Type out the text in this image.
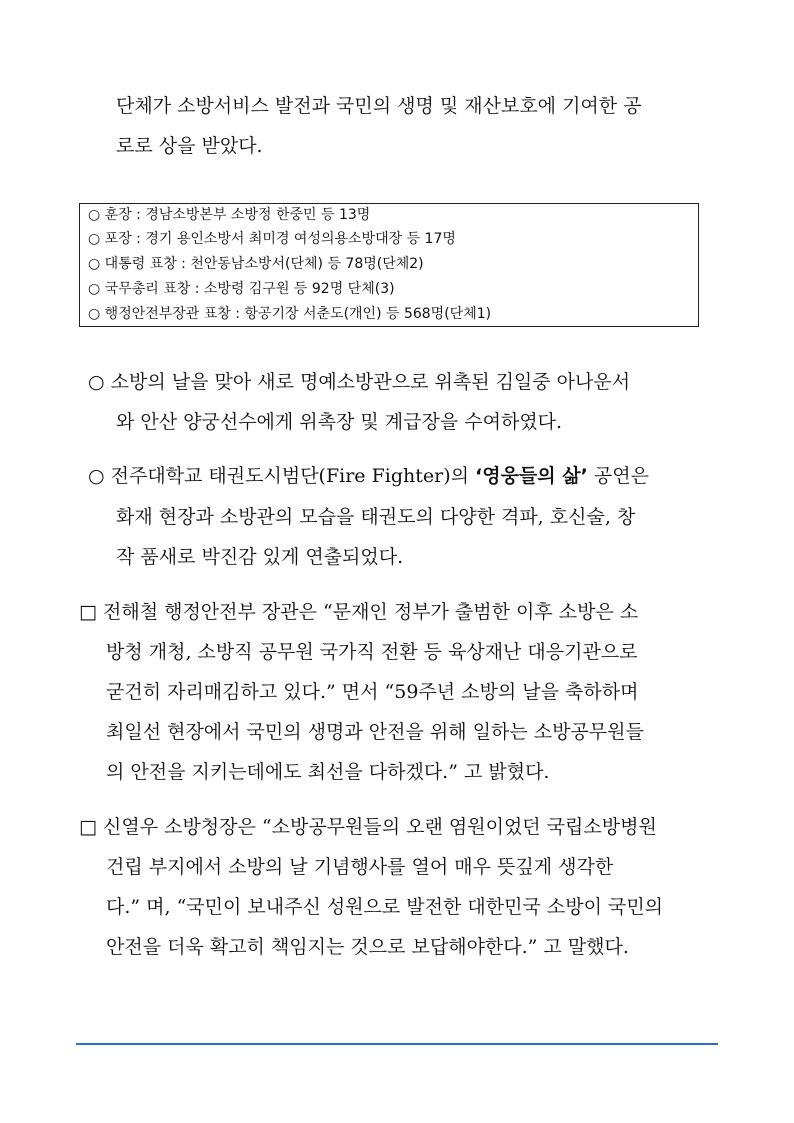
단체가 소방서비스 발전과 국민의 생명 및 재산보호에 기여한 공
로로 상을 받았다.
○ 훈장 : 경남소방본부 소방정 한중민 등 13명
○ 포장 : 경기 용인소방서 최미경 여성의용소방대장 등 17명
○ 대통령 표창 : 천안동남소방서(단체) 등 78명(단체2)
○ 국무총리 표창 : 소방령 김구원 등 92명 단체(3)
○ 행정안전부장관 표창 : 항공기장 서춘도(개인) 등 568명(단체1)
○ 소방의 날을 맞아 새로 명예소방관으로 위촉된 김일중 아나운서
와 안산 양궁선수에게 위촉장 및 계급장을 수여하였다.
○ 전주대학교 태권도시범단(Fire Fighter)의 ‘영웅들의 삶’ 공연은
화재 현장과 소방관의 모습을 태권도의 다양한 격파, 호신술, 창
작 품새로 박진감 있게 연출되었다.
□ 전해철 행정안전부 장관은 “문재인 정부가 출범한 이후 소방은 소
방청 개청, 소방직 공무원 국가직 전환 등 육상재난 대응기관으로
굳건히 자리매김하고 있다.” 면서 “59주년 소방의 날을 축하하며
최일선 현장에서 국민의 생명과 안전을 위해 일하는 소방공무원들
의 안전을 지키는데에도 최선을 다하겠다.” 고 밝혔다.
□ 신열우 소방청장은 “소방공무원들의 오랜 염원이었던 국립소방병원
건립 부지에서 소방의 날 기념행사를 열어 매우 뜻깊게 생각한
다.” 며, “국민이 보내주신 성원으로 발전한 대한민국 소방이 국민의
안전을 더욱 확고히 책임지는 것으로 보답해야한다.” 고 말했다.
